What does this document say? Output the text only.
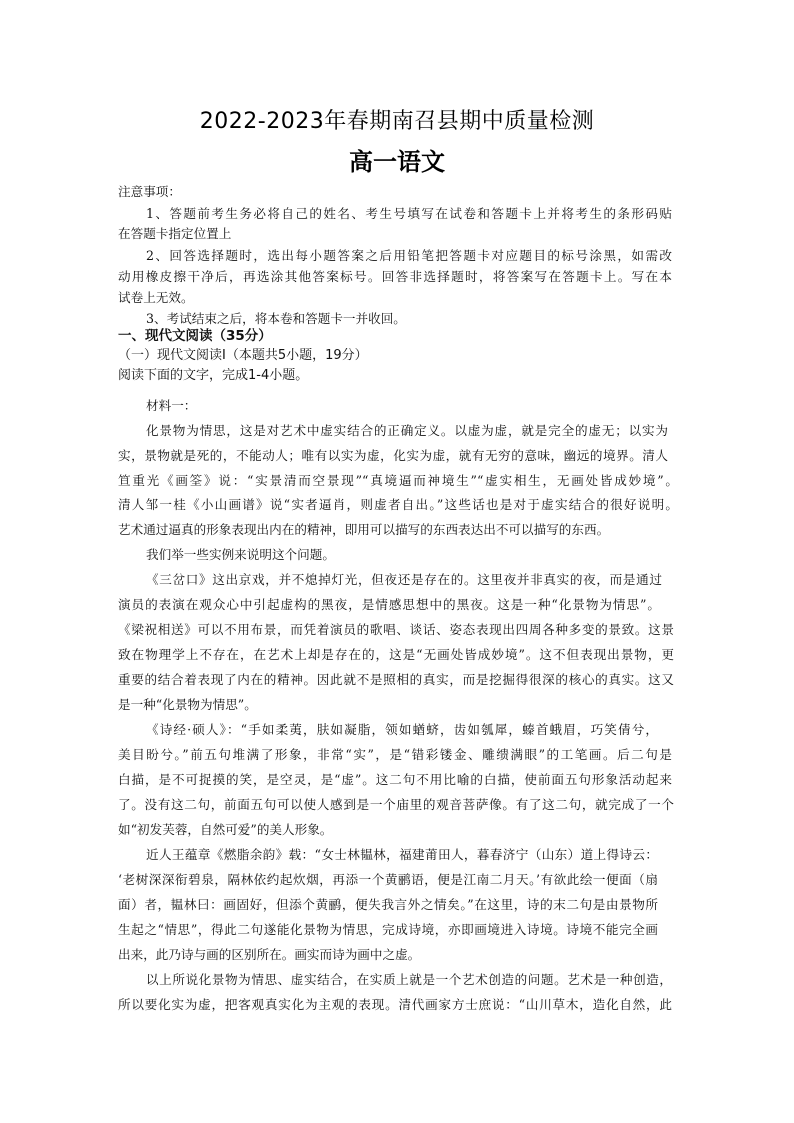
2022-2023年春期南召县期中质量检测
高一语文
注意事项：
1、答题前考生务必将自己的姓名、考生号填写在试卷和答题卡上并将考生的条形码贴
在答题卡指定位置上
2、回答选择题时，选出每小题答案之后用铅笔把答题卡对应题目的标号涂黑，如需改
动用橡皮擦干净后，再选涂其他答案标号。回答非选择题时，将答案写在答题卡上。写在本
试卷上无效。
3、考试结束之后，将本卷和答题卡一并收回。
一、现代文阅读（35分）
（一）现代文阅读Ⅰ（本题共5小题，19分）
阅读下面的文字，完成1-4小题。
材料一：
化景物为情思，这是对艺术中虚实结合的正确定义。以虚为虚，就是完全的虚无；以实为
实，景物就是死的，不能动人；唯有以实为虚，化实为虚，就有无穷的意味，幽远的境界。清人
笪重光《画筌》说：“实景清而空景现”“真境逼而神境生”“虚实相生，无画处皆成妙境”。
清人邹一桂《小山画谱》说“实者逼肖，则虚者自出。”这些话也是对于虚实结合的很好说明。
艺术通过逼真的形象表现出内在的精神，即用可以描写的东西表达出不可以描写的东西。
我们举一些实例来说明这个问题。
《三岔口》这出京戏，并不熄掉灯光，但夜还是存在的。这里夜并非真实的夜，而是通过
演员的表演在观众心中引起虚构的黑夜，是情感思想中的黑夜。这是一种“化景物为情思”。
《梁祝相送》可以不用布景，而凭着演员的歌唱、谈话、姿态表现出四周各种多变的景致。这景
致在物理学上不存在，在艺术上却是存在的，这是“无画处皆成妙境”。这不但表现出景物，更
重要的结合着表现了内在的精神。因此就不是照相的真实，而是挖掘得很深的核心的真实。这又
是一种“化景物为情思”。
《诗经·硕人》：“手如柔荑，肤如凝脂，领如蝤蛴，齿如瓠犀，螓首蛾眉，巧笑倩兮，
美目盼兮。”前五句堆满了形象，非常“实”，是“错彩镂金、雕缋满眼”的工笔画。后二句是
白描，是不可捉摸的笑，是空灵，是“虚”。这二句不用比喻的白描，使前面五句形象活动起来
了。没有这二句，前面五句可以使人感到是一个庙里的观音菩萨像。有了这二句，就完成了一个
如“初发芙蓉，自然可爱”的美人形象。
近人王蕴章《燃脂余韵》载：“女士林韫林，福建莆田人，暮春济宁（山东）道上得诗云：
‘老树深深衔碧泉，隔林依约起炊烟，再添一个黄鹂语，便是江南二月天。’有欲此绘一便面（扇
面）者，韫林曰：画固好，但添个黄鹂，便失我言外之情矣。”在这里，诗的末二句是由景物所
生起之“情思”，得此二句遂能化景物为情思，完成诗境，亦即画境进入诗境。诗境不能完全画
出来，此乃诗与画的区别所在。画实而诗为画中之虚。
以上所说化景物为情思、虚实结合，在实质上就是一个艺术创造的问题。艺术是一种创造，
所以要化实为虚，把客观真实化为主观的表现。清代画家方士庶说：“山川草木，造化自然，此
